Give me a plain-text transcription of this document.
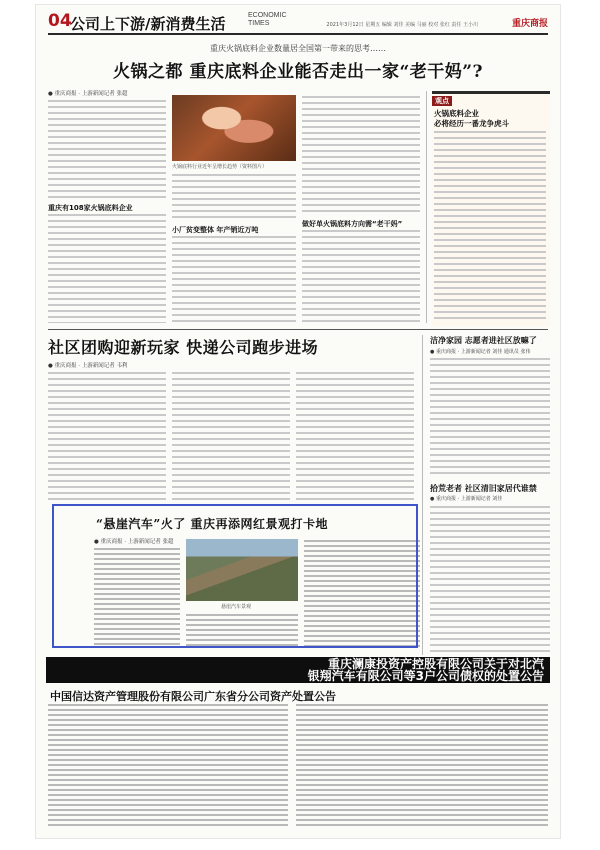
04
公司上下游/新消费生活	ECONOMIC TIMES	2021年3月12日 星期五 编辑 刘佳 美编 马丽 校对 张红 责任 王小川	重庆商报
重庆火锅底料企业数量居全国第一带来的思考……
火锅之都 重庆底料企业能否走出一家“老干妈”?
● 重庆商报 · 上游新闻记者 张超
重庆有108家火锅底料企业
火锅底料行业近年呈增长趋势（资料图片）
小厂贫变整体 年产销近万吨
做好单火锅底料方向需“老干妈”
观点
火锅底料企业
必将经历一番龙争虎斗
社区团购迎新玩家 快递公司跑步进场
● 重庆商报 · 上游新闻记者 韦利
洁净家园 志愿者进社区放嘛了
● 重庆商报 · 上游新闻记者 刘佳 通讯员 张伟
拾荒老者 社区清旧家居代谁禁
● 重庆商报 · 上游新闻记者 刘佳
“悬崖汽车”火了 重庆再添网红景观打卡地
● 重庆商报 · 上游新闻记者 张超
悬崖汽车景观
重庆澜康投资产控股有限公司关于对北汽
银翔汽车有限公司等3户公司债权的处置公告
中国信达资产管理股份有限公司广东省分公司资产处置公告
